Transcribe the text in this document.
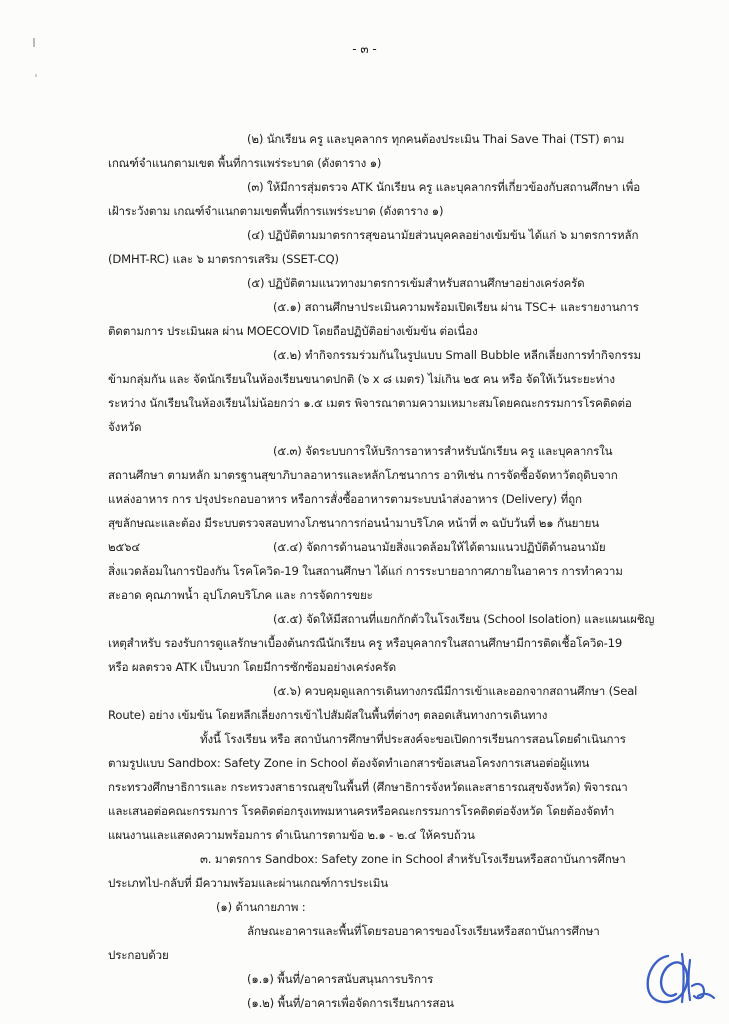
- ๓ -
(๒) นักเรียน ครู และบุคลากร ทุกคนต้องประเมิน Thai Save Thai (TST) ตาม
เกณฑ์จำแนกตามเขต พื้นที่การแพร่ระบาด (ดังตาราง ๑)
(๓) ให้มีการสุ่มตรวจ ATK นักเรียน ครู และบุคลากรที่เกี่ยวข้องกับสถานศึกษา เพื่อ
เฝ้าระวังตาม เกณฑ์จำแนกตามเขตพื้นที่การแพร่ระบาด (ดังตาราง ๑)
(๔) ปฏิบัติตามมาตรการสุขอนามัยส่วนบุคคลอย่างเข้มข้น ได้แก่ ๖ มาตรการหลัก
(DMHT-RC) และ ๖ มาตรการเสริม (SSET-CQ)
(๕) ปฏิบัติตามแนวทางมาตรการเข้มสำหรับสถานศึกษาอย่างเคร่งครัด
(๕.๑) สถานศึกษาประเมินความพร้อมเปิดเรียน ผ่าน TSC+ และรายงานการ
ติดตามการ ประเมินผล ผ่าน MOECOVID โดยถือปฏิบัติอย่างเข้มข้น ต่อเนื่อง
(๕.๒) ทำกิจกรรมร่วมกันในรูปแบบ Small Bubble หลีกเลี่ยงการทำกิจกรรม
ข้ามกลุ่มกัน และ จัดนักเรียนในห้องเรียนขนาดปกติ (๖ x ๘ เมตร) ไม่เกิน ๒๕ คน หรือ จัดให้เว้นระยะห่าง
ระหว่าง นักเรียนในห้องเรียนไม่น้อยกว่า ๑.๕ เมตร พิจารณาตามความเหมาะสมโดยคณะกรรมการโรคติดต่อ
จังหวัด
(๕.๓) จัดระบบการให้บริการอาหารสำหรับนักเรียน ครู และบุคลากรใน
สถานศึกษา ตามหลัก มาตรฐานสุขาภิบาลอาหารและหลักโภชนาการ อาทิเช่น การจัดซื้อจัดหาวัตถุดิบจาก
แหล่งอาหาร การ ปรุงประกอบอาหาร หรือการสั่งซื้ออาหารตามระบบนำส่งอาหาร (Delivery) ที่ถูก
สุขลักษณะและต้อง มีระบบตรวจสอบทางโภชนาการก่อนนำมาบริโภค หน้าที่ ๓ ฉบับวันที่ ๒๑ กันยายน
๒๕๖๔	(๕.๔) จัดการด้านอนามัยสิ่งแวดล้อมให้ได้ตามแนวปฏิบัติด้านอนามัย
สิ่งแวดล้อมในการป้องกัน โรคโควิด-19 ในสถานศึกษา ได้แก่ การระบายอากาศภายในอาคาร การทำความ
สะอาด คุณภาพน้ำ อุปโภคบริโภค และ การจัดการขยะ
(๕.๕) จัดให้มีสถานที่แยกกักตัวในโรงเรียน (School Isolation) และแผนเผชิญ
เหตุสำหรับ รองรับการดูแลรักษาเบื้องต้นกรณีนักเรียน ครู หรือบุคลากรในสถานศึกษามีการติดเชื้อโควิด-19
หรือ ผลตรวจ ATK เป็นบวก โดยมีการซักซ้อมอย่างเคร่งครัด
(๕.๖) ควบคุมดูแลการเดินทางกรณีมีการเข้าและออกจากสถานศึกษา (Seal
Route) อย่าง เข้มข้น โดยหลีกเลี่ยงการเข้าไปสัมผัสในพื้นที่ต่างๆ ตลอดเส้นทางการเดินทาง
ทั้งนี้ โรงเรียน หรือ สถาบันการศึกษาที่ประสงค์จะขอเปิดการเรียนการสอนโดยดำเนินการ
ตามรูปแบบ Sandbox: Safety Zone in School ต้องจัดทำเอกสารข้อเสนอโครงการเสนอต่อผู้แทน
กระทรวงศึกษาธิการและ กระทรวงสาธารณสุขในพื้นที่ (ศึกษาธิการจังหวัดและสาธารณสุขจังหวัด) พิจารณา
และเสนอต่อคณะกรรมการ โรคติดต่อกรุงเทพมหานครหรือคณะกรรมการโรคติดต่อจังหวัด โดยต้องจัดทำ
แผนงานและแสดงความพร้อมการ ดำเนินการตามข้อ ๒.๑ - ๒.๔ ให้ครบถ้วน
๓. มาตรการ Sandbox: Safety zone in School สำหรับโรงเรียนหรือสถาบันการศึกษา
ประเภทไป-กลับที่ มีความพร้อมและผ่านเกณฑ์การประเมิน
(๑) ด้านกายภาพ :
ลักษณะอาคารและพื้นที่โดยรอบอาคารของโรงเรียนหรือสถาบันการศึกษา
ประกอบด้วย
(๑.๑) พื้นที่/อาคารสนับสนุนการบริการ
(๑.๒) พื้นที่/อาคารเพื่อจัดการเรียนการสอน
